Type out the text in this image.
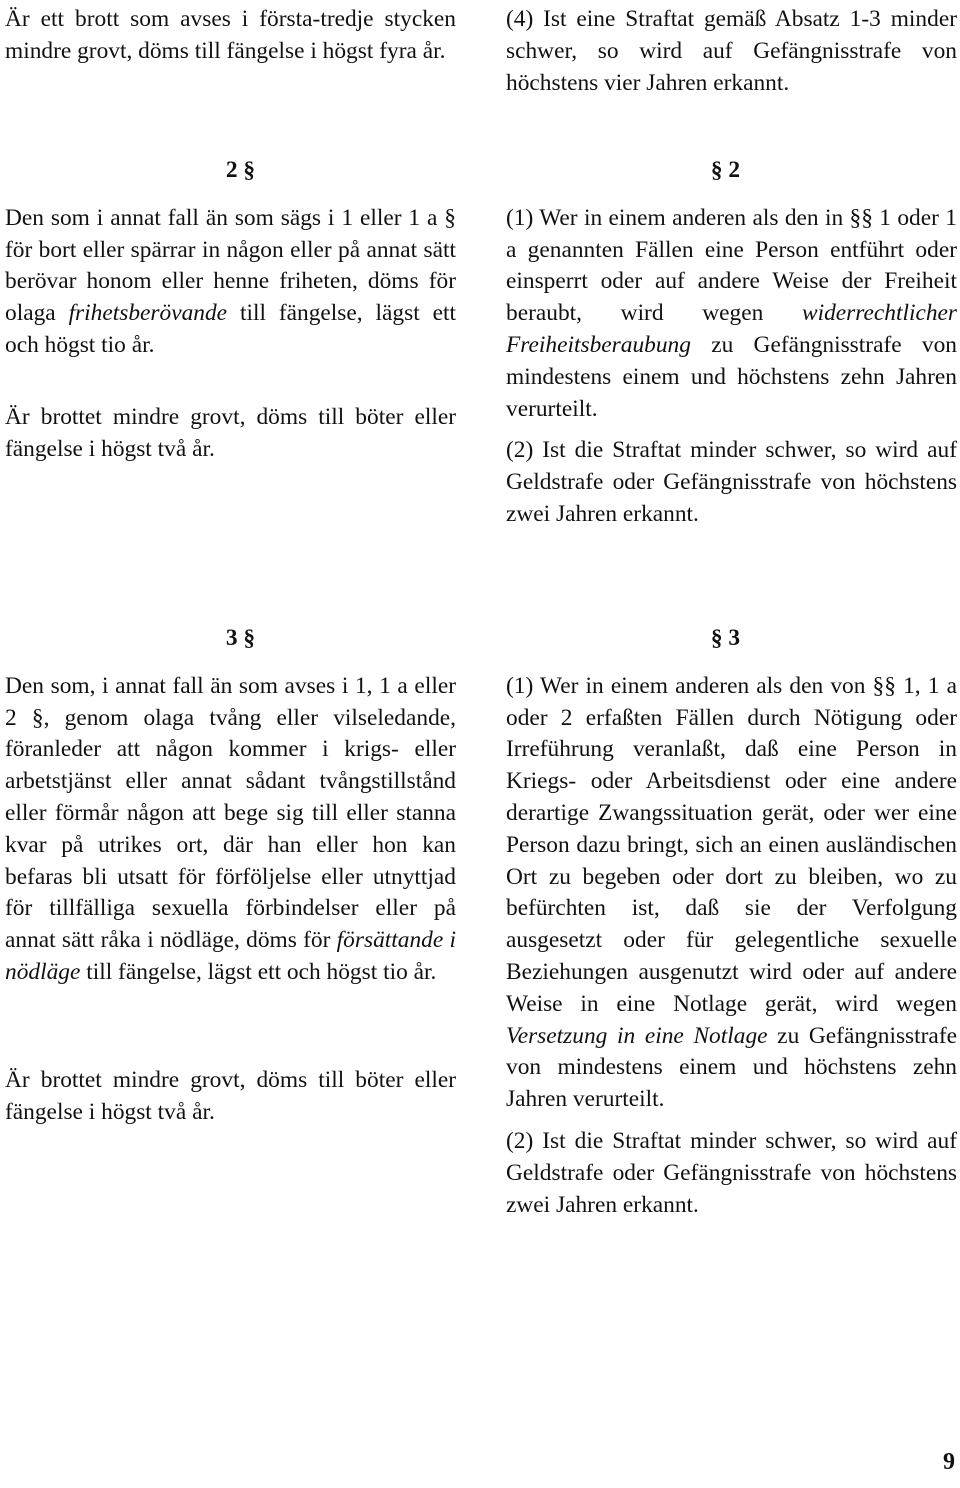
Är ett brott som avses i första-tredje stycken mindre grovt, döms till fängelse i högst fyra år.

(4) Ist eine Straftat gemäß Absatz 1-3 minder schwer, so wird auf Gefängnisstrafe von höchstens vier Jahren erkannt.

2 §

Den som i annat fall än som sägs i 1 eller 1 a § för bort eller spärrar in någon eller på annat sätt berövar honom eller henne friheten, döms för olaga frihetsberövande till fängelse, lägst ett och högst tio år.

Är brottet mindre grovt, döms till böter eller fängelse i högst två år.

§ 2

(1) Wer in einem anderen als den in §§ 1 oder 1 a genannten Fällen eine Person entführt oder einsperrt oder auf andere Weise der Freiheit beraubt, wird wegen widerrechtlicher Freiheitsberaubung zu Gefängnisstrafe von mindestens einem und höchstens zehn Jahren verurteilt.

(2) Ist die Straftat minder schwer, so wird auf Geldstrafe oder Gefängnisstrafe von höchstens zwei Jahren erkannt.

3 §

Den som, i annat fall än som avses i 1, 1 a eller 2 §, genom olaga tvång eller vilseledande, föranleder att någon kommer i krigs- eller arbetstjänst eller annat sådant tvångstillstånd eller förmår någon att bege sig till eller stanna kvar på utrikes ort, där han eller hon kan befaras bli utsatt för förföljelse eller utnyttjad för tillfälliga sexuella förbindelser eller på annat sätt råka i nödläge, döms för försättande i nödläge till fängelse, lägst ett och högst tio år.

Är brottet mindre grovt, döms till böter eller fängelse i högst två år.

§ 3

(1) Wer in einem anderen als den von §§ 1, 1 a oder 2 erfaßten Fällen durch Nötigung oder Irreführung veranlaßt, daß eine Person in Kriegs- oder Arbeitsdienst oder eine andere derartige Zwangssituation gerät, oder wer eine Person dazu bringt, sich an einen ausländischen Ort zu begeben oder dort zu bleiben, wo zu befürchten ist, daß sie der Verfolgung ausgesetzt oder für gelegentliche sexuelle Beziehungen ausgenutzt wird oder auf andere Weise in eine Notlage gerät, wird wegen Versetzung in eine Notlage zu Gefängnisstrafe von mindestens einem und höchstens zehn Jahren verurteilt.

(2) Ist die Straftat minder schwer, so wird auf Geldstrafe oder Gefängnisstrafe von höchstens zwei Jahren erkannt.

9
